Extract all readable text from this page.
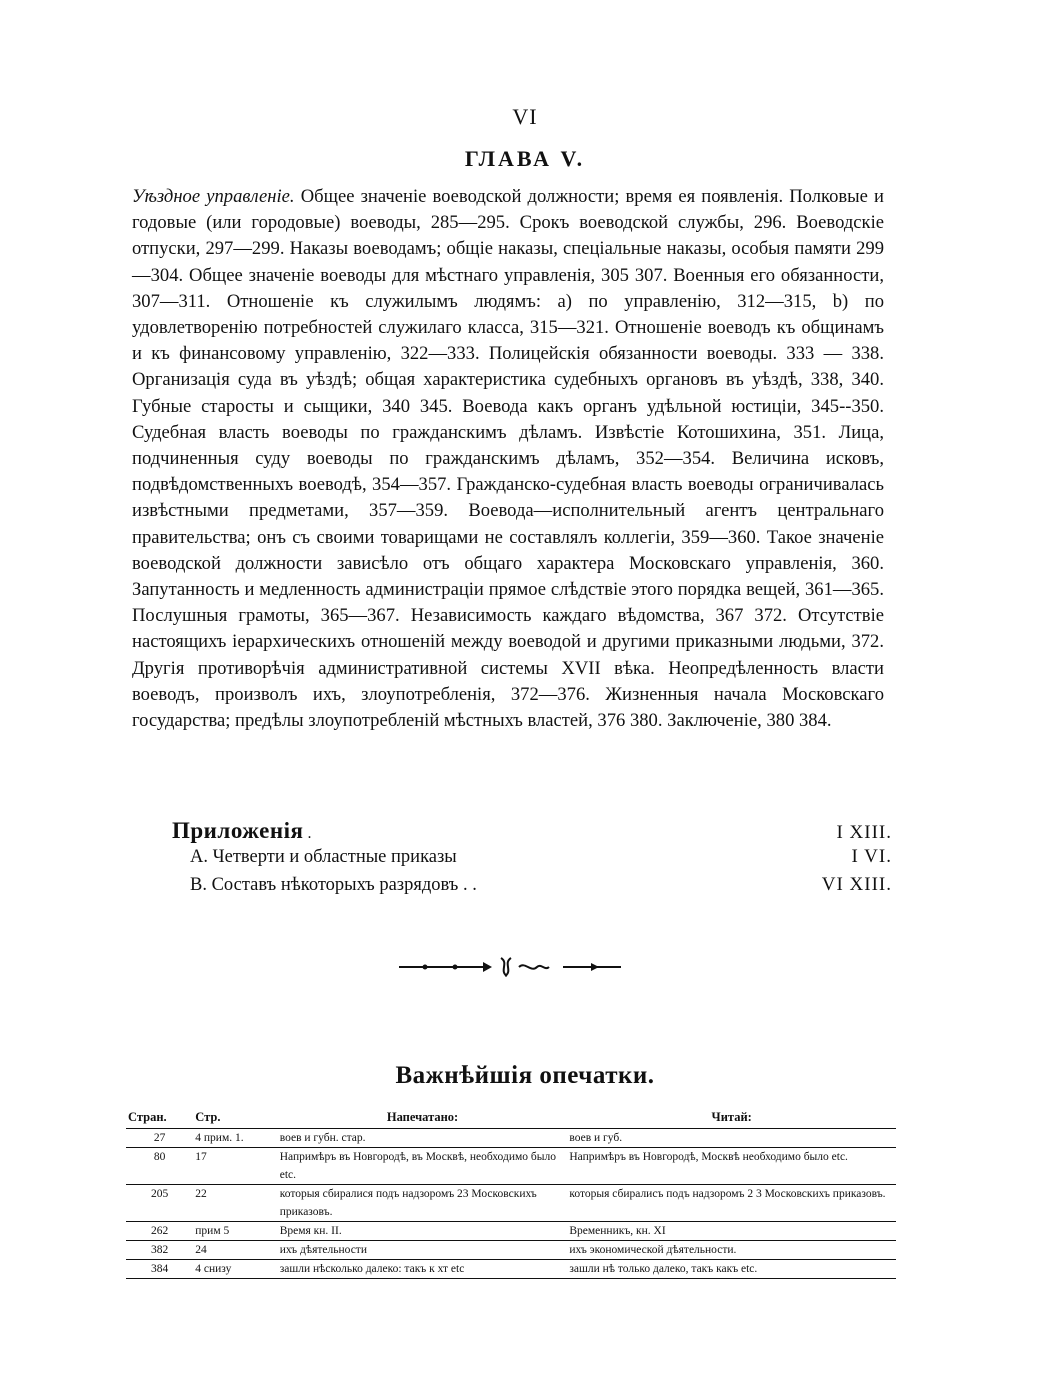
VI
ГЛАВА V.
Уѣздное управленіе. Общее значеніе воеводской должности; время ея появленія. Полковые и годовые (или городовые) воеводы, 285—295. Срокъ воеводской службы, 296. Воеводскіе отпуски, 297—299. Наказы воеводамъ; общіе наказы, спеціальные наказы, особыя памяти 299—304. Общее значеніе воеводы для мѣстнаго управленія, 305 307. Военныя его обязанности, 307—311. Отношеніе къ служилымъ людямъ: а) по управленію, 312—315, b) по удовлетворенію потребностей служилаго класса, 315—321. Отношеніе воеводъ къ общинамъ и къ финансовому управленію, 322—333. Полицейскія обязанности воеводы. 333 — 338. Организація суда въ уѣздѣ; общая характеристика судебныхъ органовъ въ уѣздѣ, 338, 340. Губные старосты и сыщики, 340 345. Воевода какъ органъ удѣльной юстиціи, 345--350. Судебная власть воеводы по гражданскимъ дѣламъ. Извѣстіе Котошихина, 351. Лица, подчиненныя суду воеводы по гражданскимъ дѣламъ, 352—354. Величина исковъ, подвѣдомственныхъ воеводѣ, 354—357. Гражданско-судебная власть воеводы ограничивалась извѣстными предметами, 357—359. Воевода—исполнительный агентъ центральнаго правительства; онъ съ своими товарищами не составлялъ коллегіи, 359—360. Такое значеніе воеводской должности зависѣло отъ общаго характера Московскаго управленія, 360. Запутанность и медленность администраціи прямое слѣдствіе этого порядка вещей, 361—365. Послушныя грамоты, 365—367. Независимость каждаго вѣдомства, 367 372. Отсутствіе настоящихъ іерархическихъ отношеній между воеводой и другими приказными людьми, 372. Другія противорѣчія административной системы XVII вѣка. Неопредѣленность власти воеводъ, произволъ ихъ, злоупотребленія, 372—376. Жизненныя начала Московскаго государства; предѣлы злоупотребленій мѣстныхъ властей, 376 380. Заключеніе, 380 384.
Приложенія .	I XIII.
А. Четверти и областные приказы	I VI.
В. Составъ нѣкоторыхъ разрядовъ . .	VI XIII.
Важнѣйшія опечатки.
Стран.	Стр.	Напечатано:	Читай:
27	4 прим. 1.	воев и губн. стар.	воев и губ.
80	17	Напримѣръ въ Новгородѣ, въ Москвѣ, необходимо было etc.	Напримѣръ въ Новгородѣ, Москвѣ необходимо было etc.
205	22	которыя сбиралися подъ надзоромъ 23 Московскихъ приказовъ.	которыя сбиралисъ подъ надзоромъ 2 3 Московскихъ приказовъ.
262	прим 5	Время кн. II.	Временникъ, кн. XI
382	24	ихъ дѣятельности	ихъ экономической дѣятельности.
384	4 снизу	зашли нѣсколько далеко: такъ к хт etc	зашли нѣ только далеко, такъ какъ etc.
